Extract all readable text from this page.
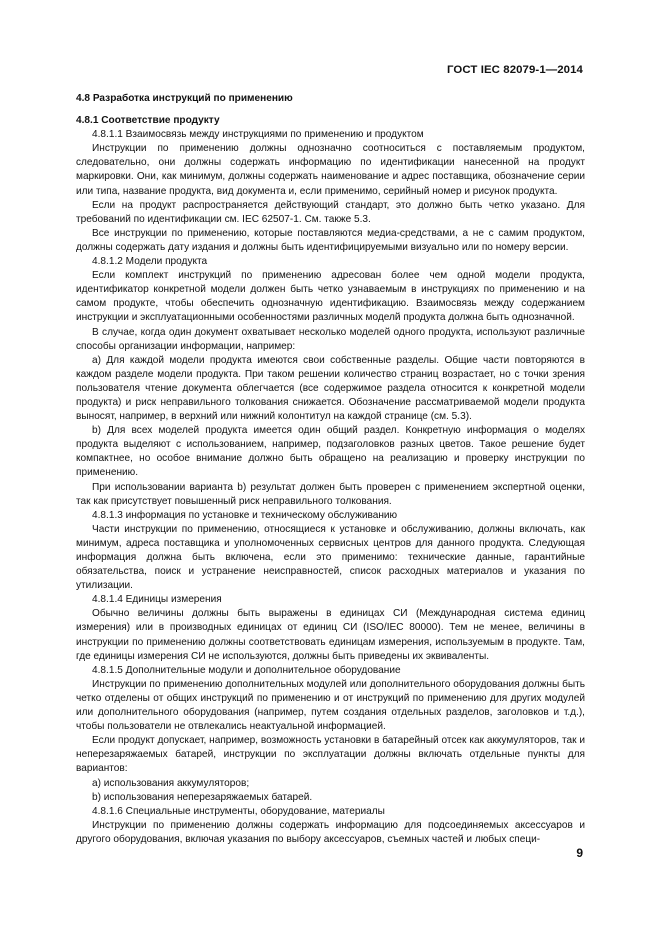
ГОСТ IEC 82079-1—2014
4.8 Разработка инструкций по применению
4.8.1 Соответствие продукту
4.8.1.1 Взаимосвязь между инструкциями по применению и продуктом
Инструкции по применению должны однозначно соотноситься с поставляемым продуктом, следовательно, они должны содержать информацию по идентификации нанесенной на продукт маркировки. Они, как минимум, должны содержать наименование и адрес поставщика, обозначение серии или типа, название продукта, вид документа и, если применимо, серийный номер и рисунок продукта.
Если на продукт распространяется действующий стандарт, это должно быть четко указано. Для требований по идентификации см. IEC 62507-1. См. также 5.3.
Все инструкции по применению, которые поставляются медиа-средствами, а не с самим продуктом, должны содержать дату издания и должны быть идентифицируемыми визуально или по номеру версии.
4.8.1.2 Модели продукта
Если комплект инструкций по применению адресован более чем одной модели продукта, идентификатор конкретной модели должен быть четко узнаваемым в инструкциях по применению и на самом продукте, чтобы обеспечить однозначную идентификацию. Взаимосвязь между содержанием инструкции и эксплуатационными особенностями различных моделй продукта должна быть однозначной.
В случае, когда один документ охватывает несколько моделей одного продукта, используют различные способы организации информации, например:
а) Для каждой модели продукта имеются свои собственные разделы. Общие части повторяются в каждом разделе модели продукта. При таком решении количество страниц возрастает, но с точки зрения пользователя чтение документа облегчается (все содержимое раздела относится к конкретной модели продукта) и риск неправильного толкования снижается. Обозначение рассматриваемой модели продукта выносят, например, в верхний или нижний колонтитул на каждой странице (см. 5.3).
b) Для всех моделей продукта имеется один общий раздел. Конкретную информация о моделях продукта выделяют с использованием, например, подзаголовков разных цветов. Такое решение будет компактнее, но особое внимание должно быть обращено на реализацию и проверку инструкции по применению.
При использовании варианта b) результат должен быть проверен с применением экспертной оценки, так как присутствует повышенный риск неправильного толкования.
4.8.1.3 информация по установке и техническому обслуживанию
Части инструкции по применению, относящиеся к установке и обслуживанию, должны включать, как минимум, адреса поставщика и уполномоченных сервисных центров для данного продукта. Следующая информация должна быть включена, если это применимо: технические данные, гарантийные обязательства, поиск и устранение неисправностей, список расходных материалов и указания по утилизации.
4.8.1.4 Единицы измерения
Обычно величины должны быть выражены в единицах СИ (Международная система единиц измерения) или в производных единицах от единиц СИ (ISO/IEC 80000). Тем не менее, величины в инструкции по применению должны соответствовать единицам измерения, используемым в продукте. Там, где единицы измерения СИ не используются, должны быть приведены их эквиваленты.
4.8.1.5 Дополнительные модули и дополнительное оборудование
Инструкции по применению дополнительных модулей или дополнительного оборудования должны быть четко отделены от общих инструкций по применению и от инструкций по применению для других модулей или дополнительного оборудования (например, путем создания отдельных разделов, заголовков и т.д.), чтобы пользователи не отвлекались неактуальной информацией.
Если продукт допускает, например, возможность установки в батарейный отсек как аккумуляторов, так и неперезаряжаемых батарей, инструкции по эксплуатации должны включать отдельные пункты для вариантов:
а) использования аккумуляторов;
b) использования неперезаряжаемых батарей.
4.8.1.6 Специальные инструменты, оборудование, материалы
Инструкции по применению должны содержать информацию для подсоединяемых аксессуаров и другого оборудования, включая указания по выбору аксессуаров, съемных частей и любых специ-
9
